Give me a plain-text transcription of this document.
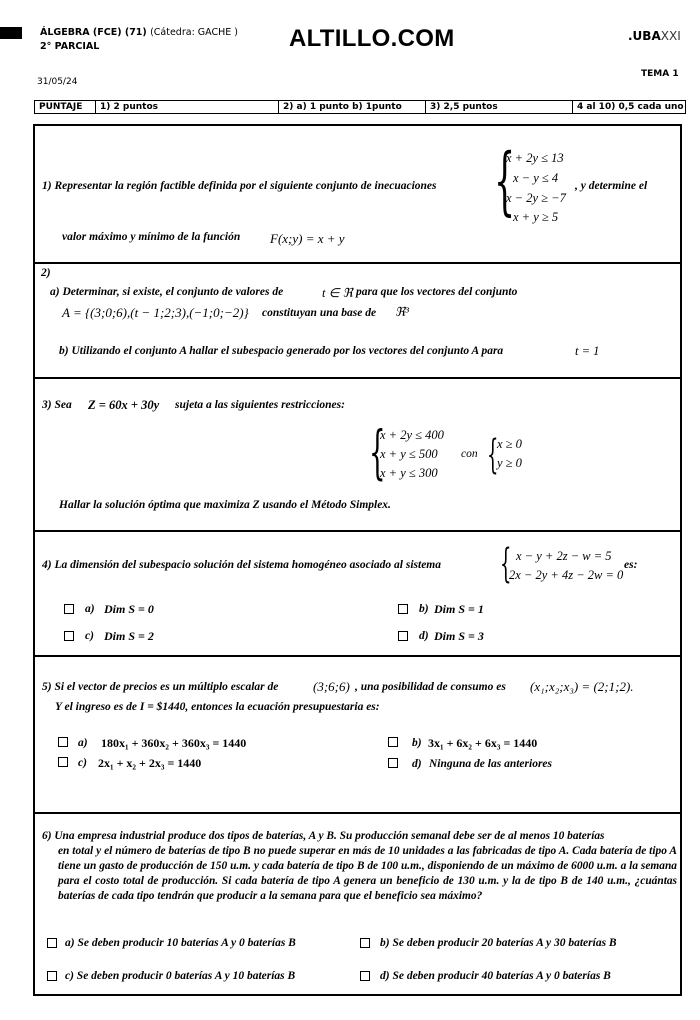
ÁLGEBRA (FCE) (71) (Cátedra: GACHE )
2° PARCIAL	ALTILLO.COM	.UBAXXI
31/05/24
TEMA 1
PUNTAJE	1) 2 puntos	2) a) 1 punto b) 1punto	3) 2,5 puntos	4 al 10) 0,5 cada uno
1) Representar la región factible definida por el siguiente conjunto de inecuaciones {
x + 2y ≤ 13
x − y ≤ 4
x − 2y ≥ −7
x + y ≥ 5
, y determine el
valor máximo y mínimo de la función F(x;y) = x + y
2)
a) Determinar, si existe, el conjunto de valores de	t ∈ ℜ para que los vectores del conjunto
A = {(3;0;6),(t − 1;2;3),(−1;0;−2)} constituyan una base de ℜ³
b) Utilizando el conjunto A hallar el subespacio generado por los vectores del conjunto A para	t = 1
3) Sea Z = 60x + 30y sujeta a las siguientes restricciones:
{
x + 2y ≤ 400
x + y ≤ 500
x + y ≤ 300
con {
x ≥ 0
y ≥ 0
Hallar la solución óptima que maximiza Z usando el Método Simplex.
4) La dimensión del subespacio solución del sistema homogéneo asociado al sistema { x − y + 2z − w = 5
2x − 2y + 4z − 2w = 0
es:
a) Dim S = 0	b) Dim S = 1
c) Dim S = 2	d) Dim S = 3
5) Si el vector de precios es un múltiplo escalar de	(3;6;6) , una posibilidad de consumo es (x₁;x₂;x₃) = (2;1;2).
Y el ingreso es de I = $1440, entonces la ecuación presupuestaria es:
a) 180x₁ + 360x₂ + 360x₃ = 1440	b) 3x₁ + 6x₂ + 6x₃ = 1440
c) 2x₁ + x₂ + 2x₃ = 1440	d) Ninguna de las anteriores
6) Una empresa industrial produce dos tipos de baterías, A y B. Su producción semanal debe ser de al menos 10 baterías
en total y el número de baterías de tipo B no puede superar en más de 10 unidades a las fabricadas de tipo A. Cada batería de tipo A tiene un gasto de producción de 150 u.m. y cada batería de tipo B de 100 u.m., disponiendo de un máximo de 6000 u.m. a la semana para el costo total de producción. Si cada batería de tipo A genera un beneficio de 130 u.m. y la de tipo B de 140 u.m., ¿cuántas baterías de cada tipo tendrán que producir a la semana para que el beneficio sea máximo?
a) Se deben producir 10 baterías A y 0 baterías B	b) Se deben producir 20 baterías A y 30 baterías B
c) Se deben producir 0 baterías A y 10 baterías B	d) Se deben producir 40 baterías A y 0 baterías B
